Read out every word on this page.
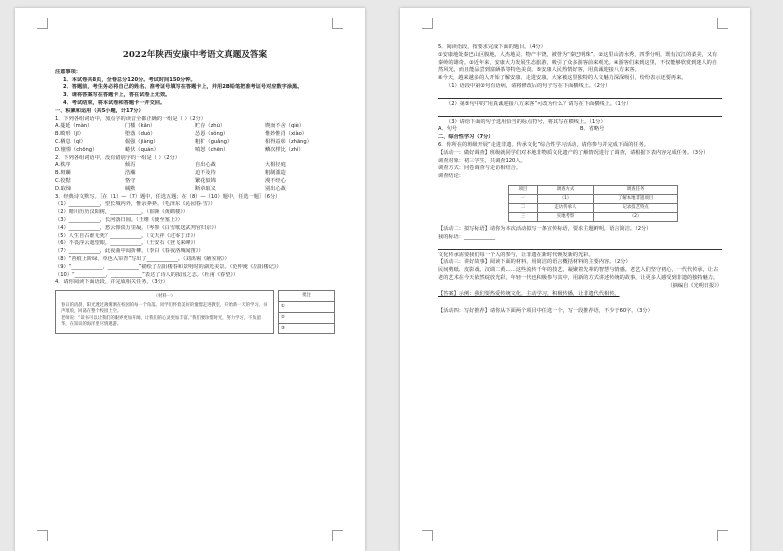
2022年陕西安康中考语文真题及答案
注意事项：
1．本试卷共8页，全卷总分120分。考试时间150分钟。
2．答题前，考生务必将自己的姓名、准考证号填写在答题卡上，并用2B铅笔把准考证号对应数字涂黑。
3．请将答案写在答题卡上，答在试卷上无效。
4．考试结束，将本试卷和答题卡一并交回。
一、积累和运用（共5小题，计17分）
1．下列各组词语中，加点字的读音全都正确的一组是（ ）（2分）
A.蔓延（màn）	门槛（kǎn）	贮存（zhù）	锲而不舍（qiè）
B.畸形（jī）	堕落（duò）	怂恿（sǒng）	惟妙惟肖（xiào）
C.栖息（qī）	倔强（jiàng）	粗犷（guǎng）	相得益彰（zhāng）
D.憧憬（chōng）	蜷伏（quán）	嗔怒（chēn）	鳞次栉比（zhì）
2．下列各组词语中，没有错别字的一组是（ ）（2分）
A.秩序	倾泻	自出心裁	大相径庭
B.斑斓	浩瀚	迫不及待	粗制滥造
C.狡黠	恪守	繁花似锦	漫不经心
D.取缔	缄默	断章取义	别出心裁
3．经典诗文默写。［在（1）—（7）题中，任选五题；在（8）—（10）题中，任选一题］（6分）
（1）____________，望长城内外，惟余莽莽。（毛泽东《沁园春·雪》）
（2）晴川历历汉阳树，____________。（崔颢《黄鹤楼》）
（3）____________，长河落日圆。（王维《使至塞上》）
（4）____________，愁云惨淡万里凝。（岑参《白雪歌送武判官归京》）
（5）人生自古谁无死？____________。（文天祥《过零丁洋》）
（6）不畏浮云遮望眼，____________。（王安石《登飞来峰》）
（7）____________，此夜曲中闻折柳。（李白《春夜洛城闻笛》）
（8）“苔痕上阶绿，草色入帘青”写出了____________。（刘禹锡《陋室铭》）
（9）“____________，____________”描绘了岳阳楼春和景明时的湖光美景。（范仲淹《岳阳楼记》）
（10）“____________，____________”表达了诗人的报国之志。（杜甫《春望》）
4．请你阅读下面语段，并完成相关任务。（3分）
（材料一）
春日的清晨，阳光透过薄雾洒在校园的每一个角落。同学们怀着美好的憧憬走进教室，开始新一天的学习。书声琅琅，回荡在整个校园上空。
老师说：“读书可以让我们的眼界更加开阔，让我们的心灵更加丰富。”我们要珍惜时光，努力学习，不负韶华，在知识的海洋里尽情遨游。
批注
①
②
③
5．阅读语段，按要求完成下面的题目。（4分）
①安康地处秦巴山区腹地，人杰地灵、物产丰饶，被誉为“秦巴明珠”。②这里山清水秀，四季分明，既有汉江的柔美，又有秦岭的雄奇。③近年来，安康大力发展生态旅游，吸引了众多游客前来观光。④游客们来到这里，不仅能够欣赏到迷人的自然风光，而且能品尝到富硒茶等特色美食。⑤安康人民热情好客，用真诚迎接八方来客。
⑥今天，越来越多的人开始了解安康、走进安康。大家被这里独特的人文魅力深深吸引，纷纷表示还要再来。
（1）语段中第②句有语病，请将修改后的句子写在下面横线上。（2分）
（2）第⑤句中的“用真诚迎接八方来客”可改为什么？请写在下面横线上。（1分）
（3）请给下面的句子选用恰当的标点符号，将其写在横线上。（1分）
A．句号	B．省略号
二、综合性学习（7分）
6．你所在的班级开展“走进非遗，传承文化”综合性学习活动，请你参与并完成下面的任务。
【活动一：做好调查】班级就同学们对本地非物质文化遗产的了解情况进行了调查，请根据下表内容完成任务。（3分）
调查对象：初三学生，共调查120人。
调查方式：问卷调查与走访相结合。
调查结论：
项目	调查方式	调查任务
一	（1）	了解本地非遗项目
二	走访传承人	记录技艺特点
三	实地考察	（2）
【活动二：拟写标语】请你为本次活动拟写一条宣传标语，要求主题鲜明，语言简洁。（2分）
我的标语：____________
文化传承需要我们每一个人的参与，让非遗在新时代焕发新的光彩。
【活动三：讲好故事】阅读下面的材料，用简洁的语言概括材料的主要内容。（2分）
民间剪纸、皮影戏、汉调二黄……这些流传千年的技艺，凝聚着先辈的智慧与情感。老艺人们坚守初心，一代代传承，让古老的艺术在今天依然绽放光彩。年轻一代也积极参与其中，用新的方式讲述传统的故事，让更多人感受到非遗的独特魅力。
（摘编自《光明日报》）
【答案】示例：我们要热爱传统文化，主动学习，积极传播，让非遗代代相传。
【活动四：写好推荐】请你从下面两个项目中任选一个，写一段推荐语，不少于60字。（3分）
